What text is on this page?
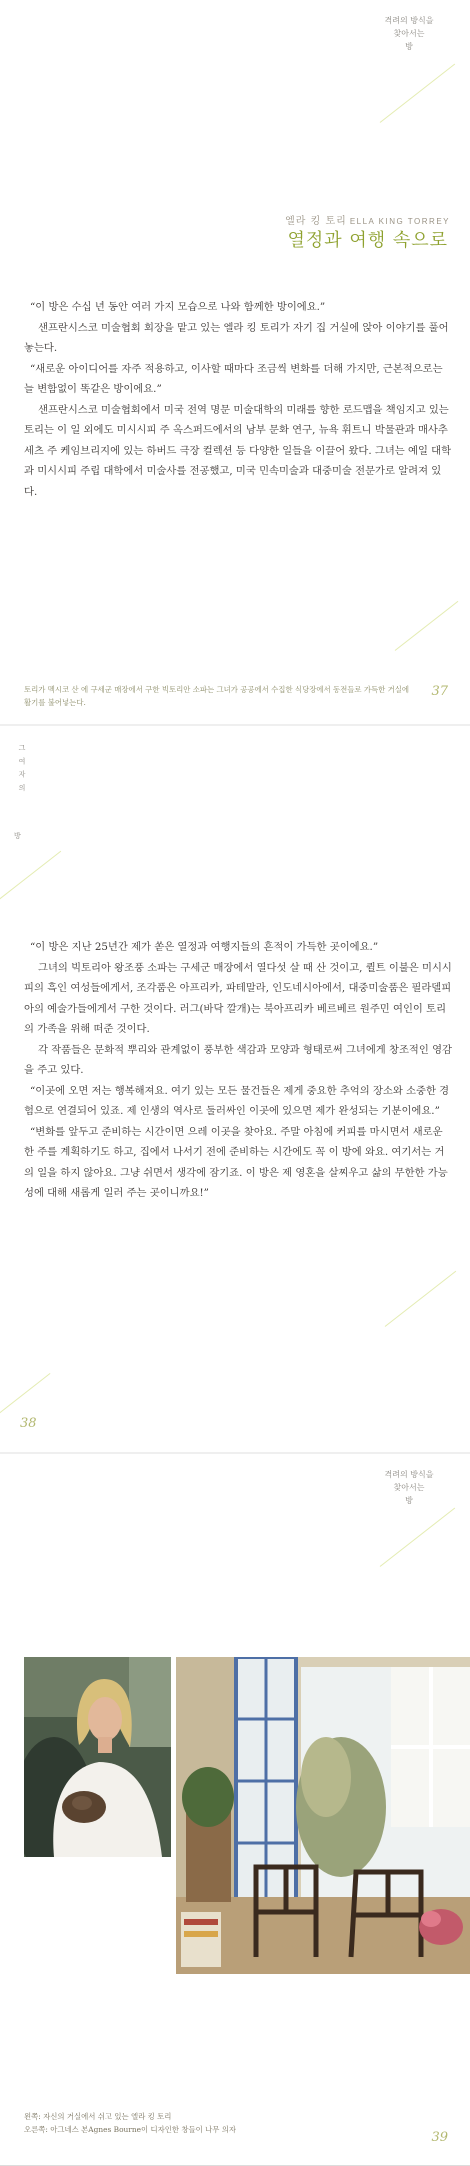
격려의 방식을
찾아서는
방
엘라 킹 토리 ELLA KING TORREY
열정과 여행 속으로

“이 방은 수십 년 동안 여러 가지 모습으로 나와 함께한 방이에요.”

샌프란시스코 미술협회 회장을 맡고 있는 엘라 킹 토리가 자기 집 거실에 앉아 이야기를 풀어 놓는다.

“새로운 아이디어를 자주 적용하고, 이사할 때마다 조금씩 변화를 더해 가지만, 근본적으로는 늘 변함없이 똑같은 방이에요.”

샌프란시스코 미술협회에서 미국 전역 명문 미술대학의 미래를 향한 로드맵을 책임지고 있는 토리는 이 일 외에도 미시시피 주 옥스퍼드에서의 남부 문화 연구, 뉴욕 휘트니 박물관과 매사추세츠 주 케임브리지에 있는 하버드 극장 컬렉션 등 다양한 일들을 이끌어 왔다. 그녀는 예일 대학과 미시시피 주립 대학에서 미술사를 전공했고, 미국 민속미술과 대중미술 전문가로 알려져 있다.

토리가 멕시코 산 에 구세군 매장에서 구한 빅토리안 소파는 그녀가 공공에서 수집한 식당장에서 동전들로 가득한 거실에 활기를 불어넣는다.
37
그 여 자 의
방

“이 방은 지난 25년간 제가 쏟은 열정과 여행지들의 흔적이 가득한 곳이에요.”

그녀의 빅토리아 왕조풍 소파는 구세군 매장에서 열다섯 살 때 산 것이고, 퀼트 이불은 미시시피의 흑인 여성들에게서, 조각품은 아프리카, 파테말라, 인도네시아에서, 대중미술품은 필라델피아의 예술가들에게서 구한 것이다. 러그(바닥 깔개)는 북아프리카 베르베르 원주민 여인이 토리의 가족을 위해 떠준 것이다.

각 작품들은 문화적 뿌리와 관계없이 풍부한 색감과 모양과 형태로써 그녀에게 창조적인 영감을 주고 있다.

“이곳에 오면 저는 행복해져요. 여기 있는 모든 물건들은 제게 중요한 추억의 장소와 소중한 경험으로 연결되어 있죠. 제 인생의 역사로 둘러싸인 이곳에 있으면 제가 완성되는 기분이에요.”

“변화를 앞두고 준비하는 시간이면 으레 이곳을 찾아요. 주말 아침에 커피를 마시면서 새로운 한 주를 계획하기도 하고, 집에서 나서기 전에 준비하는 시간에도 꼭 이 방에 와요. 여기서는 거의 일을 하지 않아요. 그냥 쉬면서 생각에 잠기죠. 이 방은 제 영혼을 살찌우고 삶의 무한한 가능성에 대해 새롭게 일러 주는 곳이니까요!”

38
격려의 방식을
찾아서는
방
왼쪽: 자신의 거실에서 쉬고 있는 엘라 킹 토리
오른쪽: 아그네스 본Agnes Bourne이 디자인한 창들이 나무 의자
39
